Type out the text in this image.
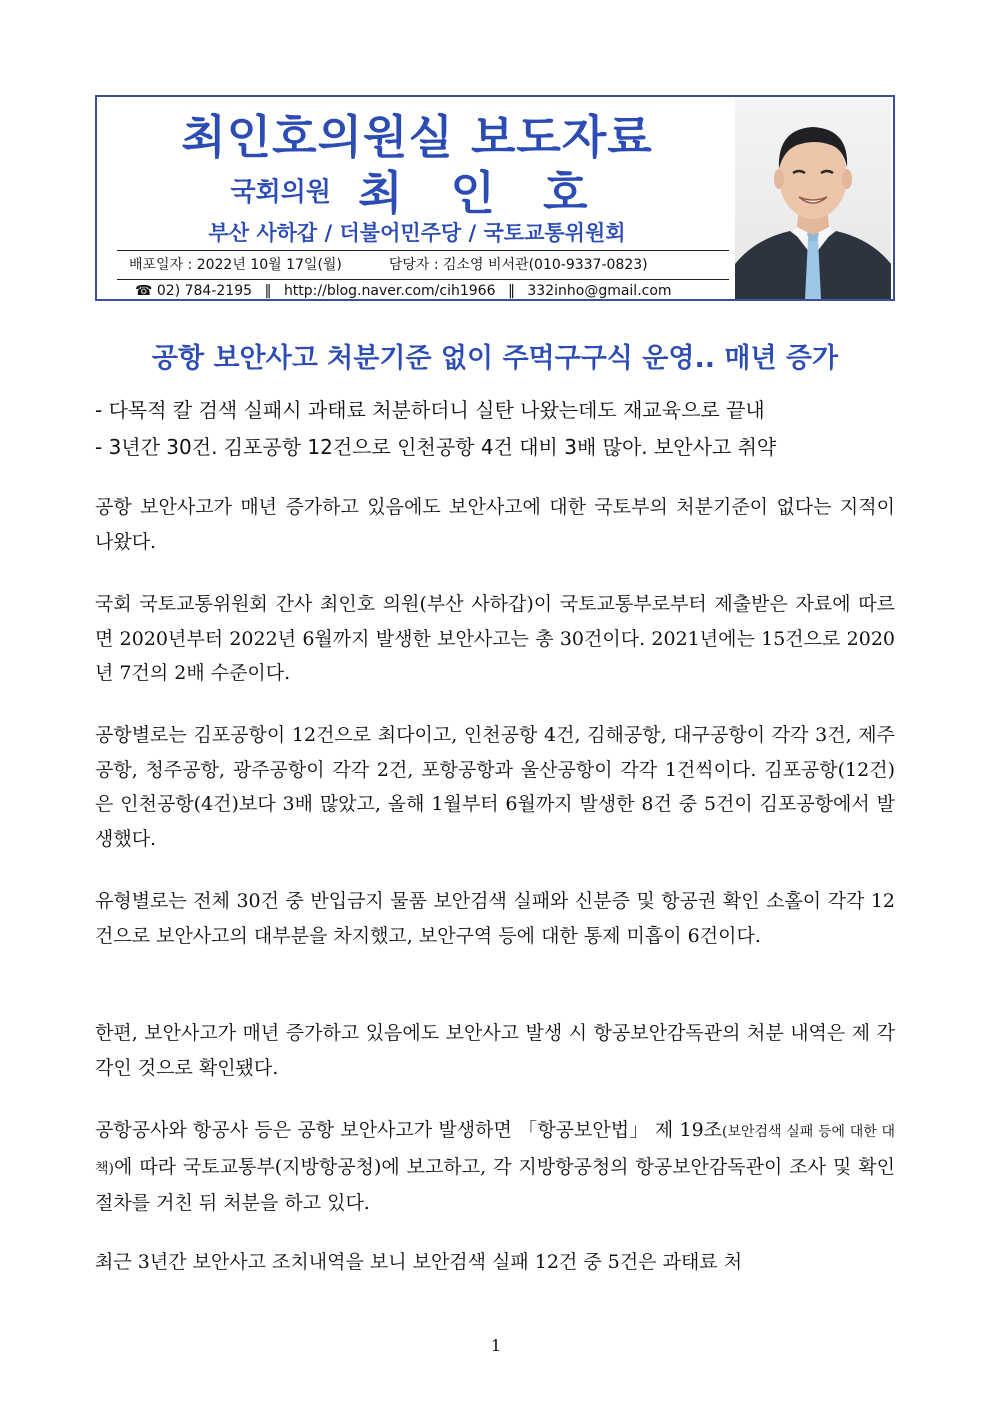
최인호의원실 보도자료
국회의원 최 인 호
부산 사하갑 / 더불어민주당 / 국토교통위원회
배포일자 : 2022년 10월 17일(월)	담당자 : 김소영 비서관(010-9337-0823)
☎ 02) 784-2195 ‖ http://blog.naver.com/cih1966 ‖ 332inho@gmail.com
공항 보안사고 처분기준 없이 주먹구구식 운영.. 매년 증가
- 다목적 칼 검색 실패시 과태료 처분하더니 실탄 나왔는데도 재교육으로 끝내
- 3년간 30건. 김포공항 12건으로 인천공항 4건 대비 3배 많아. 보안사고 취약
공항 보안사고가 매년 증가하고 있음에도 보안사고에 대한 국토부의 처분기준이 없다는 지적이 나왔다.
국회 국토교통위원회 간사 최인호 의원(부산 사하갑)이 국토교통부로부터 제출받은 자료에 따르면 2020년부터 2022년 6월까지 발생한 보안사고는 총 30건이다. 2021년에는 15건으로 2020년 7건의 2배 수준이다.
공항별로는 김포공항이 12건으로 최다이고, 인천공항 4건, 김해공항, 대구공항이 각각 3건, 제주공항, 청주공항, 광주공항이 각각 2건, 포항공항과 울산공항이 각각 1건씩이다. 김포공항(12건)은 인천공항(4건)보다 3배 많았고, 올해 1월부터 6월까지 발생한 8건 중 5건이 김포공항에서 발생했다.
유형별로는 전체 30건 중 반입금지 물품 보안검색 실패와 신분증 및 항공권 확인 소홀이 각각 12건으로 보안사고의 대부분을 차지했고, 보안구역 등에 대한 통제 미흡이 6건이다.
한편, 보안사고가 매년 증가하고 있음에도 보안사고 발생 시 항공보안감독관의 처분 내역은 제 각각인 것으로 확인됐다.
공항공사와 항공사 등은 공항 보안사고가 발생하면 「항공보안법」 제 19조(보안검색 실패 등에 대한 대책)에 따라 국토교통부(지방항공청)에 보고하고, 각 지방항공청의 항공보안감독관이 조사 및 확인 절차를 거친 뒤 처분을 하고 있다.
최근 3년간 보안사고 조치내역을 보니 보안검색 실패 12건 중 5건은 과태료 처
1
